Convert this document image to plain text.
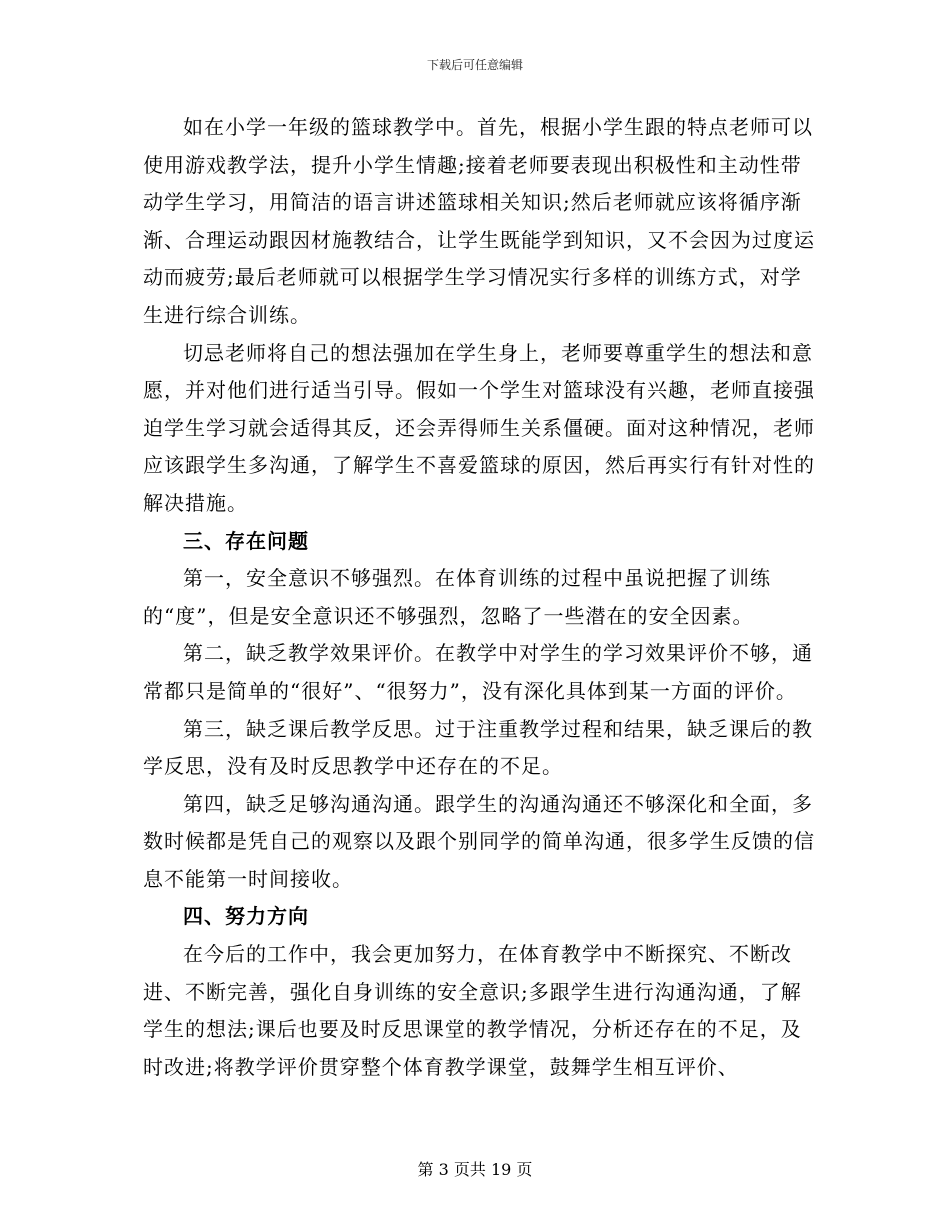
下载后可任意编辑

如在小学一年级的篮球教学中。首先，根据小学生跟的特点老师可以使用游戏教学法，提升小学生情趣;接着老师要表现出积极性和主动性带动学生学习，用简洁的语言讲述篮球相关知识;然后老师就应该将循序渐渐、合理运动跟因材施教结合，让学生既能学到知识，又不会因为过度运动而疲劳;最后老师就可以根据学生学习情况实行多样的训练方式，对学生进行综合训练。

切忌老师将自己的想法强加在学生身上，老师要尊重学生的想法和意愿，并对他们进行适当引导。假如一个学生对篮球没有兴趣，老师直接强迫学生学习就会适得其反，还会弄得师生关系僵硬。面对这种情况，老师应该跟学生多沟通，了解学生不喜爱篮球的原因，然后再实行有针对性的解决措施。

三、存在问题

第一，安全意识不够强烈。在体育训练的过程中虽说把握了训练的“度”，但是安全意识还不够强烈，忽略了一些潜在的安全因素。

第二，缺乏教学效果评价。在教学中对学生的学习效果评价不够，通常都只是简单的“很好”、“很努力”，没有深化具体到某一方面的评价。

第三，缺乏课后教学反思。过于注重教学过程和结果，缺乏课后的教学反思，没有及时反思教学中还存在的不足。

第四，缺乏足够沟通沟通。跟学生的沟通沟通还不够深化和全面，多数时候都是凭自己的观察以及跟个别同学的简单沟通，很多学生反馈的信息不能第一时间接收。

四、努力方向

在今后的工作中，我会更加努力，在体育教学中不断探究、不断改进、不断完善，强化自身训练的安全意识;多跟学生进行沟通沟通，了解学生的想法;课后也要及时反思课堂的教学情况，分析还存在的不足，及时改进;将教学评价贯穿整个体育教学课堂，鼓舞学生相互评价、

第 3 页共 19 页
